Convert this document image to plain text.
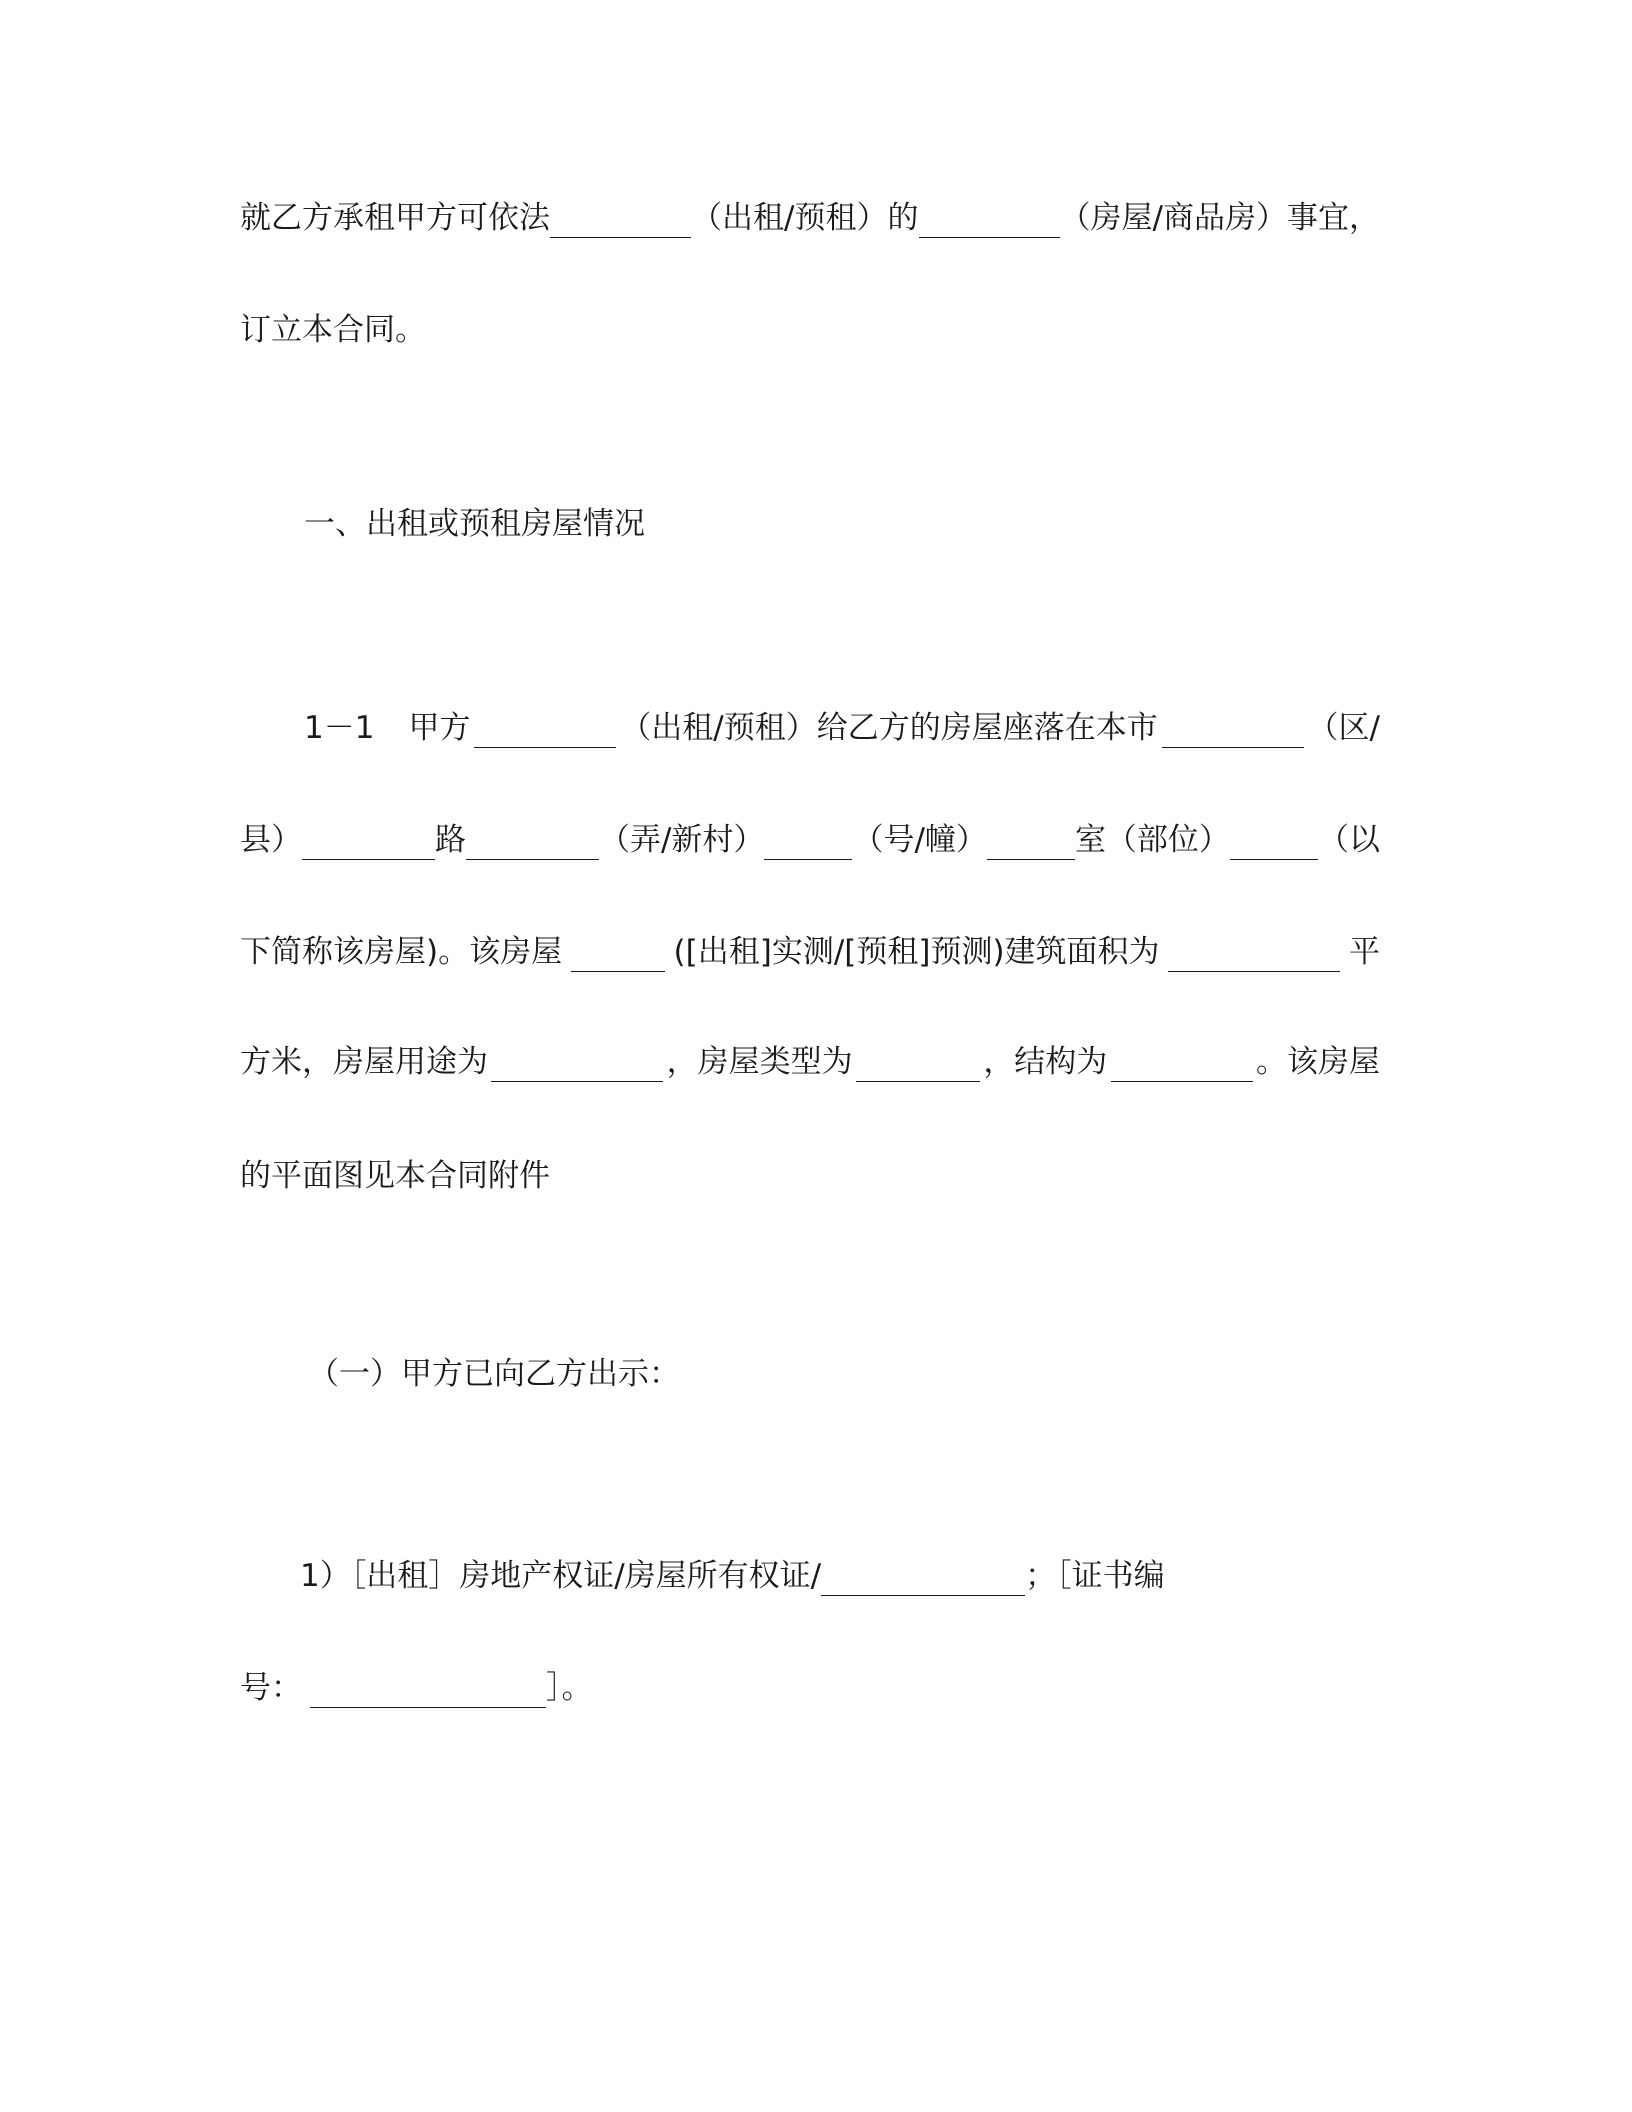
就乙方承租甲方可依法	（出租/预租）的	（房屋/商品房）事宜，
订立本合同。
一、出租或预租房屋情况
1－1 甲方	（出租/预租）给乙方的房屋座落在本市	（区/
县）	路	（弄/新村）	（号/幢）	室（部位）	（以
下简称该房屋)。该房屋	([出租]实测/[预租]预测)建筑面积为	平
方米，房屋用途为	，房屋类型为	，结构为	。该房屋
的平面图见本合同附件
（一）甲方已向乙方出示：
1）［出租］房地产权证/房屋所有权证/	；［证书编
号：	］。
